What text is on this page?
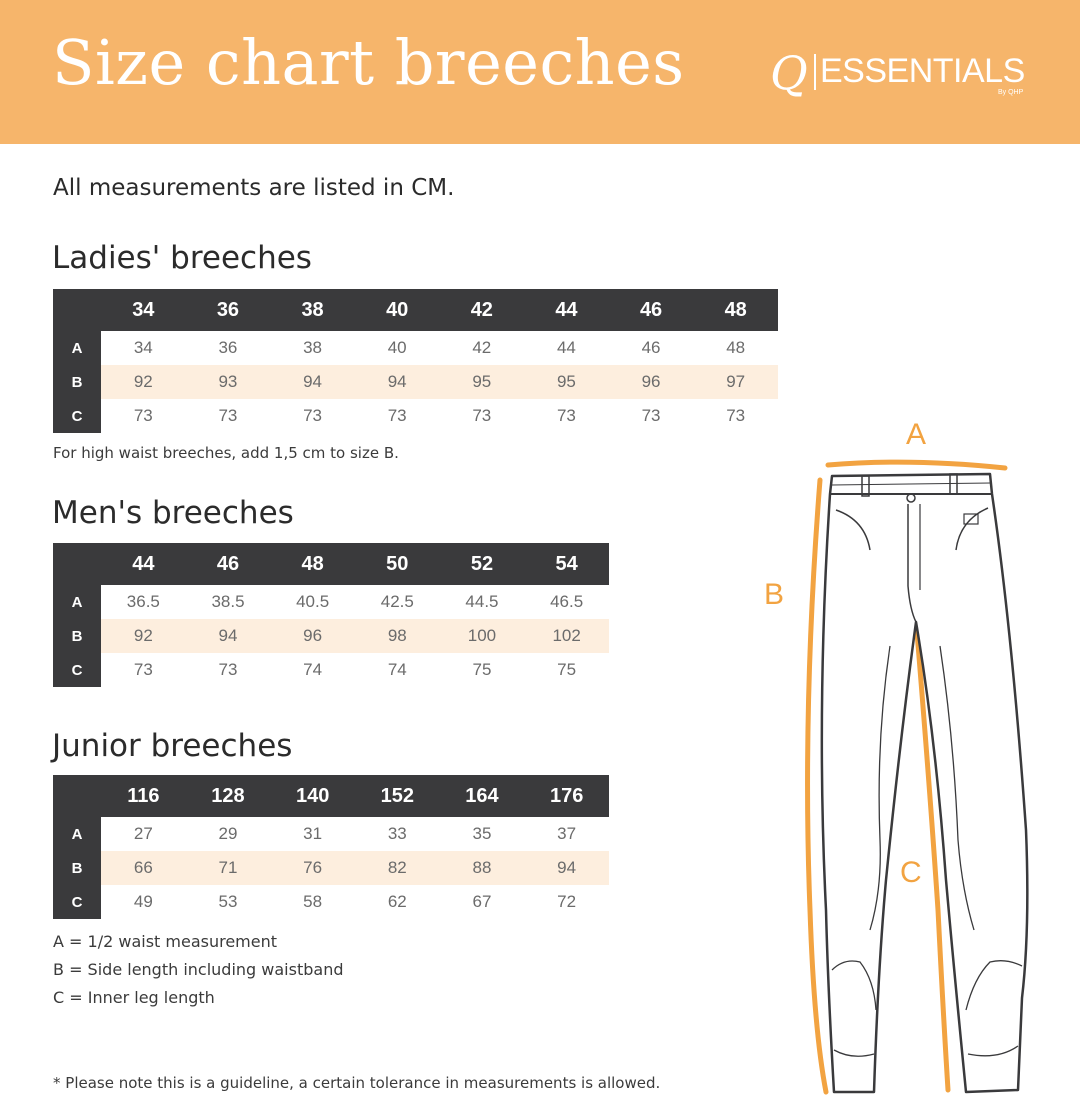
Size chart breeches Q ESSENTIALS
By QHP
All measurements are listed in CM.
Ladies' breeches
	34	36	38	40	42	44	46	48
A	34	36	38	40	42	44	46	48
B	92	93	94	94	95	95	96	97
C	73	73	73	73	73	73	73	73
For high waist breeches, add 1,5 cm to size B.
Men's breeches
	44	46	48	50	52	54
A	36.5	38.5	40.5	42.5	44.5	46.5
B	92	94	96	98	100	102
C	73	73	74	74	75	75
Junior breeches
	116	128	140	152	164	176
A	27	29	31	33	35	37
B	66	71	76	82	88	94
C	49	53	58	62	67	72
A = 1/2 waist measurement
B = Side length including waistband
C = Inner leg length
* Please note this is a guideline, a certain tolerance in measurements is allowed.
A
B
C
